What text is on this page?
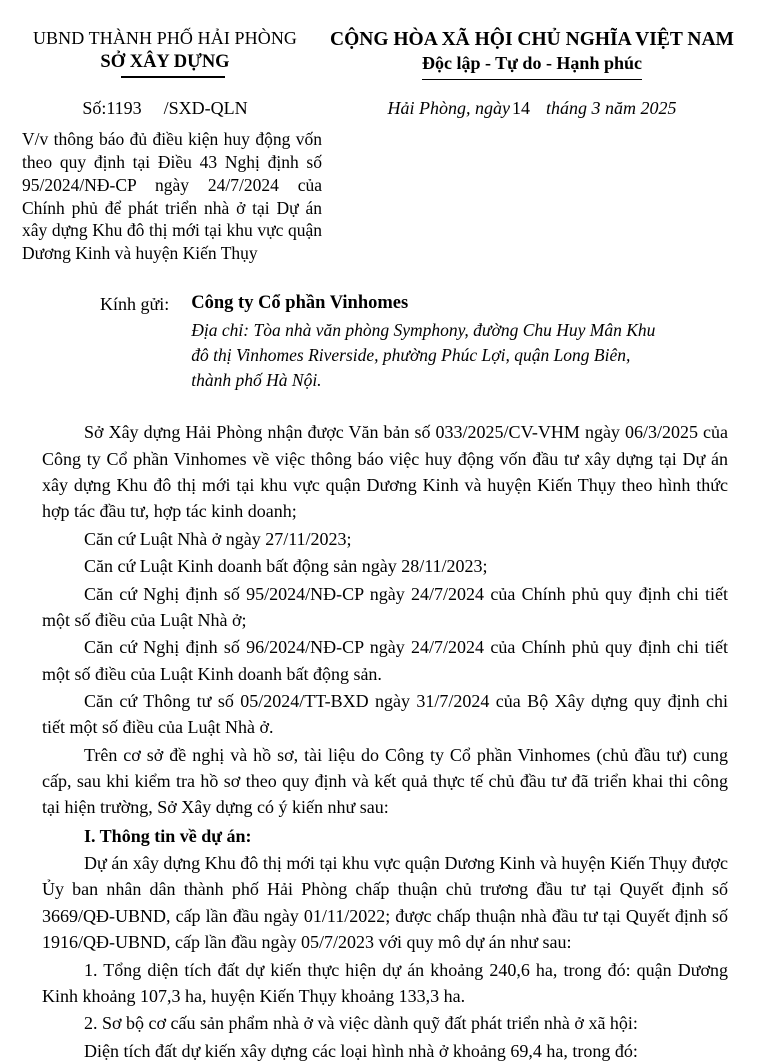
UBND THÀNH PHỐ HẢI PHÒNG
SỞ XÂY DỰNG
CỘNG HÒA XÃ HỘI CHỦ NGHĨA VIỆT NAM
Độc lập - Tự do - Hạnh phúc
Số:1193 /SXD-QLN	Hải Phòng, ngày 14 tháng 3 năm 2025
V/v thông báo đủ điều kiện huy động vốn theo quy định tại Điều 43 Nghị định số 95/2024/NĐ-CP ngày 24/7/2024 của Chính phủ để phát triển nhà ở tại Dự án xây dựng Khu đô thị mới tại khu vực quận Dương Kinh và huyện Kiến Thụy
Kính gửi: Công ty Cổ phần Vinhomes
Địa chỉ: Tòa nhà văn phòng Symphony, đường Chu Huy Mân Khu đô thị Vinhomes Riverside, phường Phúc Lợi, quận Long Biên, thành phố Hà Nội.

Sở Xây dựng Hải Phòng nhận được Văn bản số 033/2025/CV-VHM ngày 06/3/2025 của Công ty Cổ phần Vinhomes về việc thông báo việc huy động vốn đầu tư xây dựng tại Dự án xây dựng Khu đô thị mới tại khu vực quận Dương Kinh và huyện Kiến Thụy theo hình thức hợp tác đầu tư, hợp tác kinh doanh;

Căn cứ Luật Nhà ở ngày 27/11/2023;

Căn cứ Luật Kinh doanh bất động sản ngày 28/11/2023;

Căn cứ Nghị định số 95/2024/NĐ-CP ngày 24/7/2024 của Chính phủ quy định chi tiết một số điều của Luật Nhà ở;

Căn cứ Nghị định số 96/2024/NĐ-CP ngày 24/7/2024 của Chính phủ quy định chi tiết một số điều của Luật Kinh doanh bất động sản.

Căn cứ Thông tư số 05/2024/TT-BXD ngày 31/7/2024 của Bộ Xây dựng quy định chi tiết một số điều của Luật Nhà ở.

Trên cơ sở đề nghị và hồ sơ, tài liệu do Công ty Cổ phần Vinhomes (chủ đầu tư) cung cấp, sau khi kiểm tra hồ sơ theo quy định và kết quả thực tế chủ đầu tư đã triển khai thi công tại hiện trường, Sở Xây dựng có ý kiến như sau:

I. Thông tin về dự án:

Dự án xây dựng Khu đô thị mới tại khu vực quận Dương Kinh và huyện Kiến Thụy được Ủy ban nhân dân thành phố Hải Phòng chấp thuận chủ trương đầu tư tại Quyết định số 3669/QĐ-UBND, cấp lần đầu ngày 01/11/2022; được chấp thuận nhà đầu tư tại Quyết định số 1916/QĐ-UBND, cấp lần đầu ngày 05/7/2023 với quy mô dự án như sau:

1. Tổng diện tích đất dự kiến thực hiện dự án khoảng 240,6 ha, trong đó: quận Dương Kinh khoảng 107,3 ha, huyện Kiến Thụy khoảng 133,3 ha.

2. Sơ bộ cơ cấu sản phẩm nhà ở và việc dành quỹ đất phát triển nhà ở xã hội:

Diện tích đất dự kiến xây dựng các loại hình nhà ở khoảng 69,4 ha, trong đó:
